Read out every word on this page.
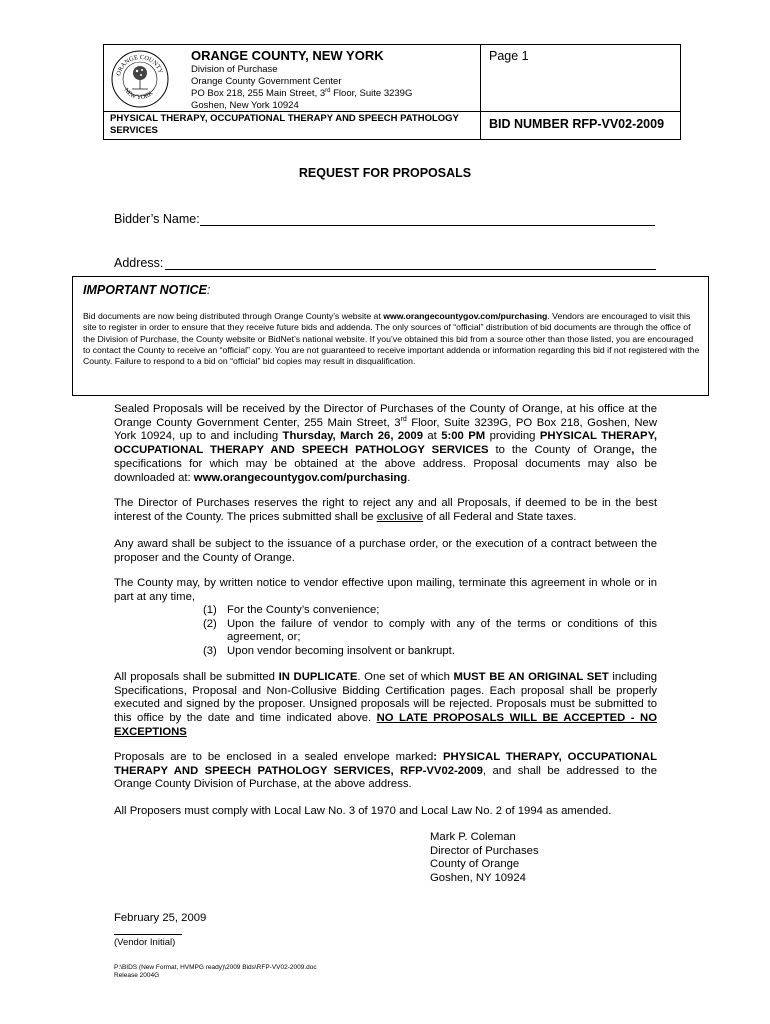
ORANGE COUNTY
NEW YORK
ORANGE COUNTY, NEW YORK
Division of Purchase
Orange County Government Center
PO Box 218, 255 Main Street, 3rd Floor, Suite 3239G
Goshen, New York 10924
Page 1
PHYSICAL THERAPY, OCCUPATIONAL THERAPY AND SPEECH PATHOLOGY SERVICES	BID NUMBER RFP-VV02-2009
REQUEST FOR PROPOSALS
Bidder’s Name:
Address:
IMPORTANT NOTICE:
Bid documents are now being distributed through Orange County’s website at www.orangecountygov.com/purchasing. Vendors are encouraged to visit this site to register in order to ensure that they receive future bids and addenda. The only sources of “official” distribution of bid documents are through the office of the Division of Purchase, the County website or BidNet’s national website. If you’ve obtained this bid from a source other than those listed, you are encouraged to contact the County to receive an “official” copy. You are not guaranteed to receive important addenda or information regarding this bid if not registered with the County. Failure to respond to a bid on “official” bid copies may result in disqualification.

Sealed Proposals will be received by the Director of Purchases of the County of Orange, at his office at the Orange County Government Center, 255 Main Street, 3rd Floor, Suite 3239G, PO Box 218, Goshen, New York 10924, up to and including Thursday, March 26, 2009 at 5:00 PM providing PHYSICAL THERAPY, OCCUPATIONAL THERAPY AND SPEECH PATHOLOGY SERVICES to the County of Orange, the specifications for which may be obtained at the above address. Proposal documents may also be downloaded at: www.orangecountygov.com/purchasing.

The Director of Purchases reserves the right to reject any and all Proposals, if deemed to be in the best interest of the County. The prices submitted shall be exclusive of all Federal and State taxes.

Any award shall be subject to the issuance of a purchase order, or the execution of a contract between the proposer and the County of Orange.
The County may, by written notice to vendor effective upon mailing, terminate this agreement in whole or in part at any time,
(1) For the County’s convenience;
(2) Upon the failure of vendor to comply with any of the terms or conditions of this agreement, or;
(3) Upon vendor becoming insolvent or bankrupt.

All proposals shall be submitted IN DUPLICATE. One set of which MUST BE AN ORIGINAL SET including Specifications, Proposal and Non-Collusive Bidding Certification pages. Each proposal shall be properly executed and signed by the proposer. Unsigned proposals will be rejected. Proposals must be submitted to this office by the date and time indicated above. NO LATE PROPOSALS WILL BE ACCEPTED - NO EXCEPTIONS

Proposals are to be enclosed in a sealed envelope marked: PHYSICAL THERAPY, OCCUPATIONAL THERAPY AND SPEECH PATHOLOGY SERVICES, RFP-VV02-2009, and shall be addressed to the Orange County Division of Purchase, at the above address.

All Proposers must comply with Local Law No. 3 of 1970 and Local Law No. 2 of 1994 as amended.
Mark P. Coleman
Director of Purchases
County of Orange
Goshen, NY 10924
February 25, 2009
(Vendor Initial)
P:\BIDS (New Format, HVMPG ready)\2009 Bids\RFP-VV02-2009.doc
Release 2004G
